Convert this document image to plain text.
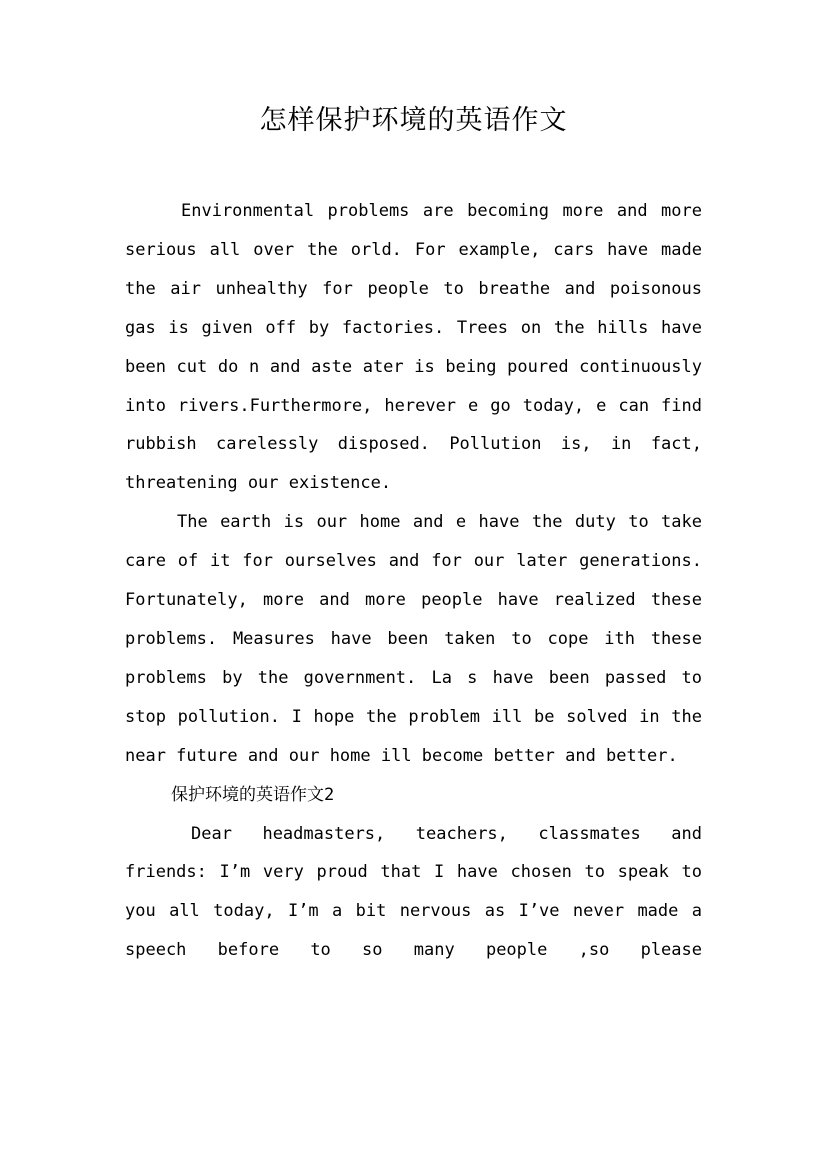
怎样保护环境的英语作文

Environmental problems are becoming more and more serious all over the orld. For example, cars have made the air unhealthy for people to breathe and poisonous gas is given off by factories. Trees on the hills have been cut do n and aste ater is being poured continuously into rivers.Furthermore, herever e go today, e can find rubbish carelessly disposed. Pollution is, in fact, threatening our existence.

The earth is our home and e have the duty to take care of it for ourselves and for our later generations. Fortunately, more and more people have realized these problems. Measures have been taken to cope ith these problems by the government. La s have been passed to stop pollution. I hope the problem ill be solved in the near future and our home ill become better and better.

保护环境的英语作文2

Dear headmasters, teachers, classmates and friends: I’m very proud that I have chosen to speak to you all today, I’m a bit nervous as I’ve never made a speech before to so many people ,so please
